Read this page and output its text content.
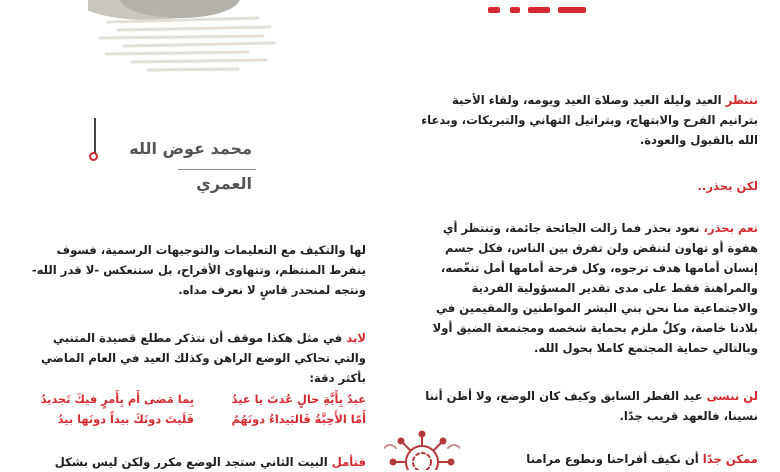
ننتظر العيد وليلة العيد وصلاة العيد ويومه، ولقاء الأحبة بترانيم الفرح والابتهاج، وبتراتيل التهاني والتبريكات، وبدعاء الله بالقبول والعودة.
لكن بحذر..
نعم بحذر، نعود بحذر فما زالت الجائحة جائمة، وتنتظر أي هفوة أو تهاون لتنقض ولن تفرق بين الناس، فكل جسم إنسان أمامها هدف ترجوه، وكل فرحة أمامها أمل تنغّصه، والمراهنة فقط على مدى تقدير المسؤولية الفردية والاجتماعية منا نحن بني البشر المواطنين والمقيمين في بلادنا خاصة، وكلٌ ملزم بحماية شخصه ومجتمعة الضيق أولا وبالتالي حماية المجتمع كاملا بحول الله.
لن ننسى عيد الفطر السابق وكيف كان الوضع، ولا أظن أننا نسينا، فالعهد قريب جدًا.
ممكن جدًا أن نكيف أفراحنا ونطوع مرامنا
محمد عوض الله
العمري
لها والتكيف مع التعليمات والتوجيهات الرسمية، فسوف ينفرط المنتظم، وتتهاوى الأفراح، بل ستنعكس -لا قدر الله- ونتجه لمنحدر قاسٍ لا نعرف مداه.
لابد في مثل هكذا موقف أن نتذكر مطلع قصيدة المتنبي والتي تحاكي الوضع الراهن وكذلك العيد في العام الماضي بأكثر دقة:
عيدٌ بِأَيَّةِ حالٍ عُدتَ يا عيدُ
بِما مَضى أَم بِأَمرٍ فيكَ تَجديدُ
أَمّا الأَحِبَّةُ فَالبَيداءُ دونَهُمُ
فَلَيتَ دونَكَ بيداً دونَها بيدُ
فتأمل البيت الثاني ستجد الوضع مكرر ولكن ليس بشكل
